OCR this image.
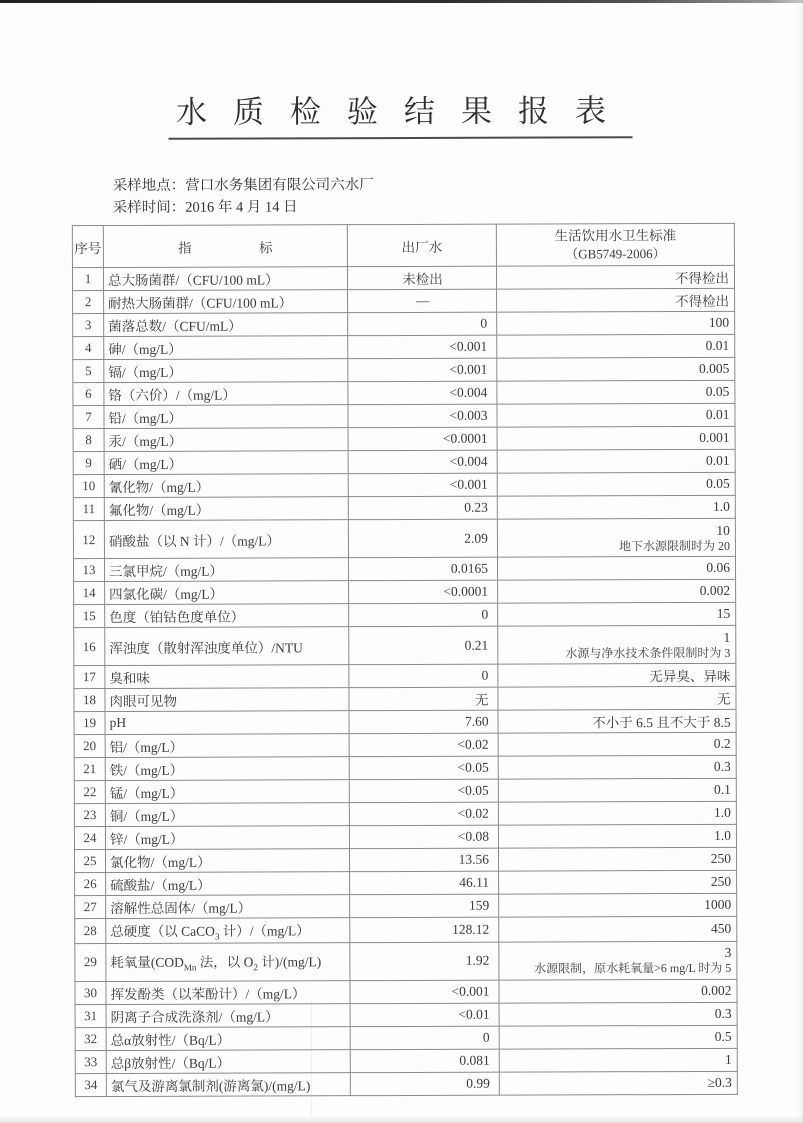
水质检验结果报表
采样地点：营口水务集团有限公司六水厂
采样时间：2016 年 4 月 14 日
序号	指　　　　　标	出厂水	生活饮用水卫生标准
（GB5749-2006）

1	总大肠菌群/（CFU/100 mL）	未检出	不得检出

2	耐热大肠菌群/（CFU/100 mL）	—	不得检出

3	菌落总数/（CFU/mL）	0	100

4	砷/（mg/L）	<0.001	0.01

5	镉/（mg/L）	<0.001	0.005

6	铬（六价）/（mg/L）	<0.004	0.05

7	铅/（mg/L）	<0.003	0.01

8	汞/（mg/L）	<0.0001	0.001

9	硒/（mg/L）	<0.004	0.01

10	氰化物/（mg/L）	<0.001	0.05

11	氟化物/（mg/L）	0.23	1.0

12	硝酸盐（以 N 计）/（mg/L）	2.09	10
地下水源限制时为 20

13	三氯甲烷/（mg/L）	0.0165	0.06

14	四氯化碳/（mg/L）	<0.0001	0.002

15	色度（铂钴色度单位）	0	15

16	浑浊度（散射浑浊度单位）/NTU	0.21	1
水源与净水技术条件限制时为 3

17	臭和味	0	无异臭、异味

18	肉眼可见物	无	无

19	pH	7.60	不小于 6.5 且不大于 8.5

20	铝/（mg/L）	<0.02	0.2

21	铁/（mg/L）	<0.05	0.3

22	锰/（mg/L）	<0.05	0.1

23	铜/（mg/L）	<0.02	1.0

24	锌/（mg/L）	<0.08	1.0

25	氯化物/（mg/L）	13.56	250

26	硫酸盐/（mg/L）	46.11	250

27	溶解性总固体/（mg/L）	159	1000

28	总硬度（以 CaCO$_3$ 计）/（mg/L）	128.12	450

29	耗氧量($COD_{Mn}$ 法，以 $O_2$ 计)/(mg/L)	1.92	3
水源限制，原水耗氧量>6 mg/L 时为 5

30	挥发酚类（以苯酚计）/（mg/L）	<0.001	0.002

31	阴离子合成洗涤剂/（mg/L）	<0.01	0.3

32	总α放射性/（Bq/L）	0	0.5

33	总β放射性/（Bq/L）	0.081	1

34	氯气及游离氯制剂(游离氯)/(mg/L)	0.99	≥0.3
